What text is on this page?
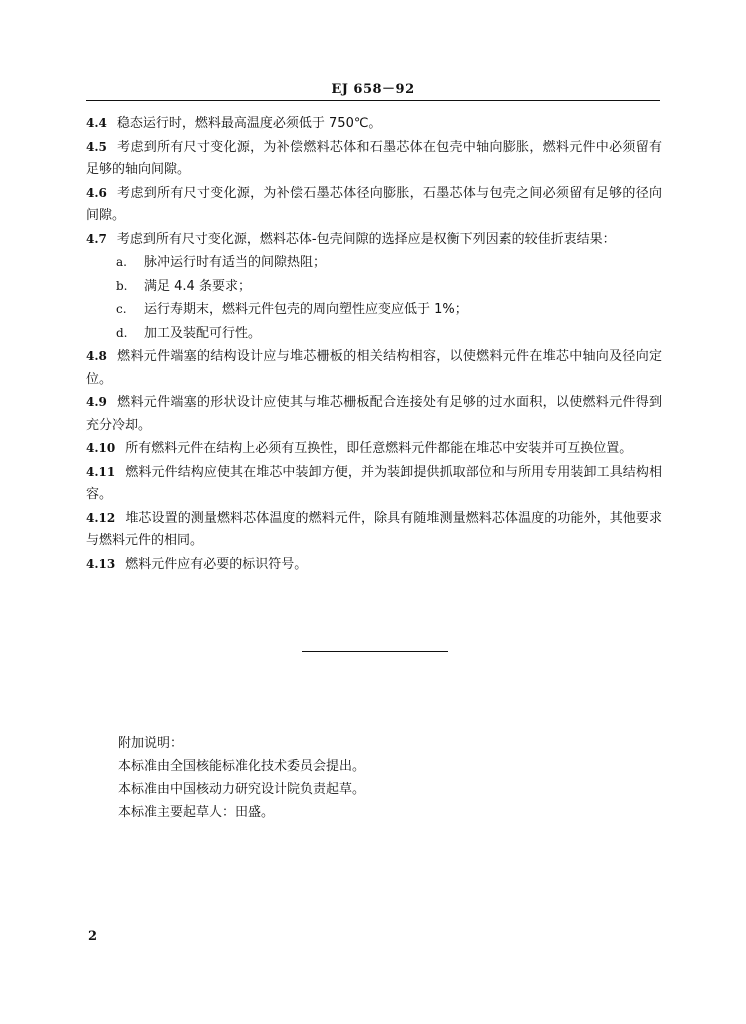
EJ 658－92

4.4 稳态运行时，燃料最高温度必须低于 750℃。

4.5 考虑到所有尺寸变化源，为补偿燃料芯体和石墨芯体在包壳中轴向膨胀，燃料元件中必须留有足够的轴向间隙。

4.6 考虑到所有尺寸变化源，为补偿石墨芯体径向膨胀，石墨芯体与包壳之间必须留有足够的径向间隙。

4.7 考虑到所有尺寸变化源，燃料芯体-包壳间隙的选择应是权衡下列因素的较佳折衷结果：

a. 脉冲运行时有适当的间隙热阻；

b. 满足 4.4 条要求；

c. 运行寿期末，燃料元件包壳的周向塑性应变应低于 1%；

d. 加工及装配可行性。

4.8 燃料元件端塞的结构设计应与堆芯栅板的相关结构相容，以使燃料元件在堆芯中轴向及径向定位。

4.9 燃料元件端塞的形状设计应使其与堆芯栅板配合连接处有足够的过水面积，以使燃料元件得到充分冷却。

4.10 所有燃料元件在结构上必须有互换性，即任意燃料元件都能在堆芯中安装并可互换位置。

4.11 燃料元件结构应使其在堆芯中装卸方便，并为装卸提供抓取部位和与所用专用装卸工具结构相容。

4.12 堆芯设置的测量燃料芯体温度的燃料元件，除具有随堆测量燃料芯体温度的功能外，其他要求与燃料元件的相同。

4.13 燃料元件应有必要的标识符号。

附加说明：

本标准由全国核能标准化技术委员会提出。

本标准由中国核动力研究设计院负责起草。

本标准主要起草人：田盛。

2
